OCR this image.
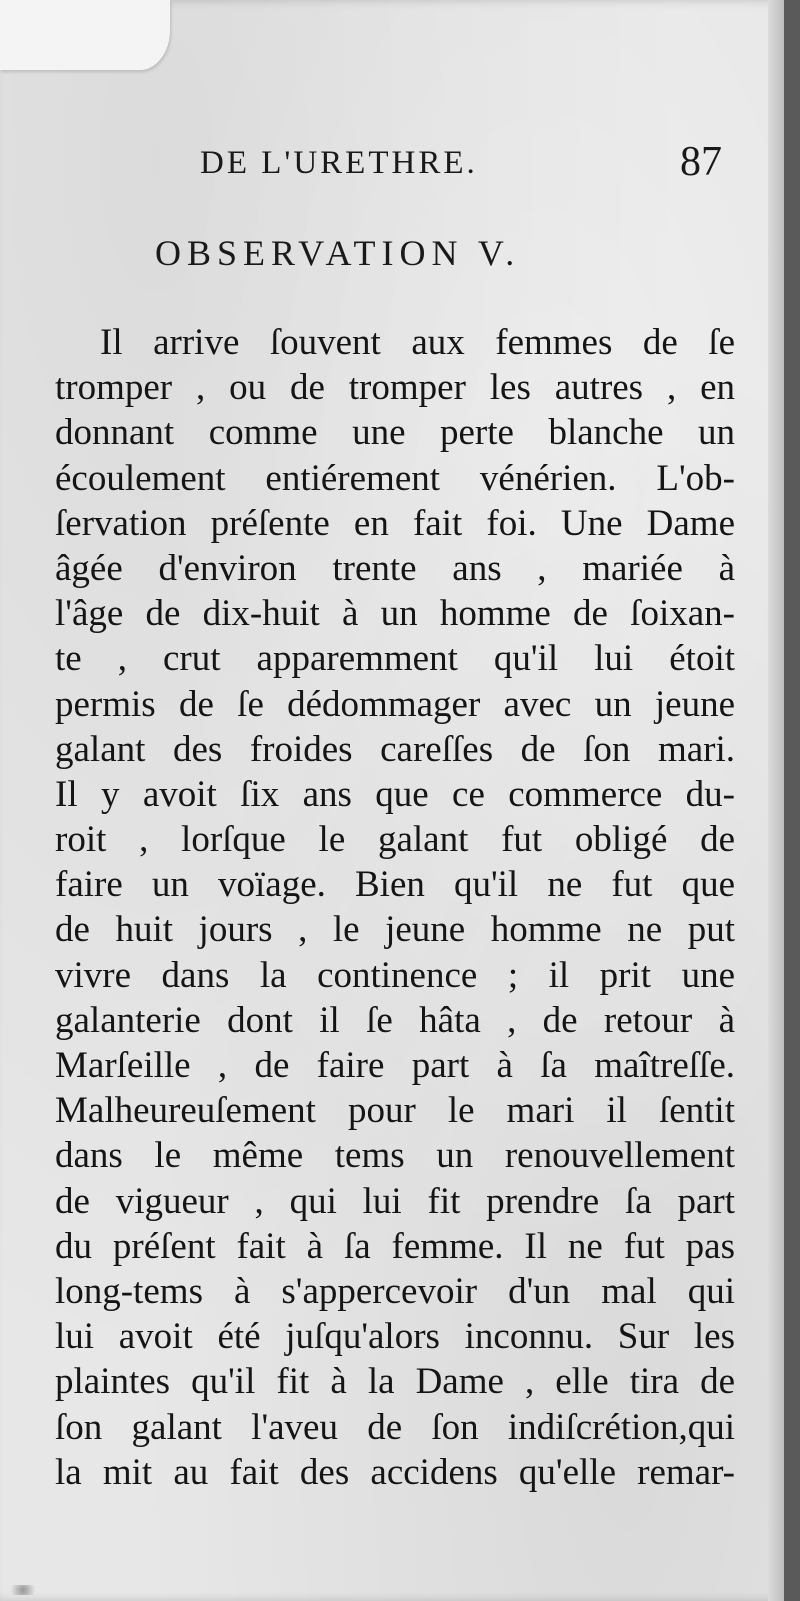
DE L'URETHRE.	87
OBSERVATION V.
Il arrive ſouvent aux femmes de ſe
tromper , ou de tromper les autres , en
donnant comme une perte blanche un
écoulement entiérement vénérien. L'ob-
ſervation préſente en fait foi. Une Dame
âgée d'environ trente ans , mariée à
l'âge de dix-huit à un homme de ſoixan-
te , crut apparemment qu'il lui étoit
permis de ſe dédommager avec un jeune
galant des froides careſſes de ſon mari.
Il y avoit ſix ans que ce commerce du-
roit , lorſque le galant fut obligé de
faire un voïage. Bien qu'il ne fut que
de huit jours , le jeune homme ne put
vivre dans la continence ; il prit une
galanterie dont il ſe hâta , de retour à
Marſeille , de faire part à ſa maîtreſſe.
Malheureuſement pour le mari il ſentit
dans le même tems un renouvellement
de vigueur , qui lui fit prendre ſa part
du préſent fait à ſa femme. Il ne fut pas
long-tems à s'appercevoir d'un mal qui
lui avoit été juſqu'alors inconnu. Sur les
plaintes qu'il fit à la Dame , elle tira de
ſon galant l'aveu de ſon indiſcrétion,qui
la mit au fait des accidens qu'elle remar-
